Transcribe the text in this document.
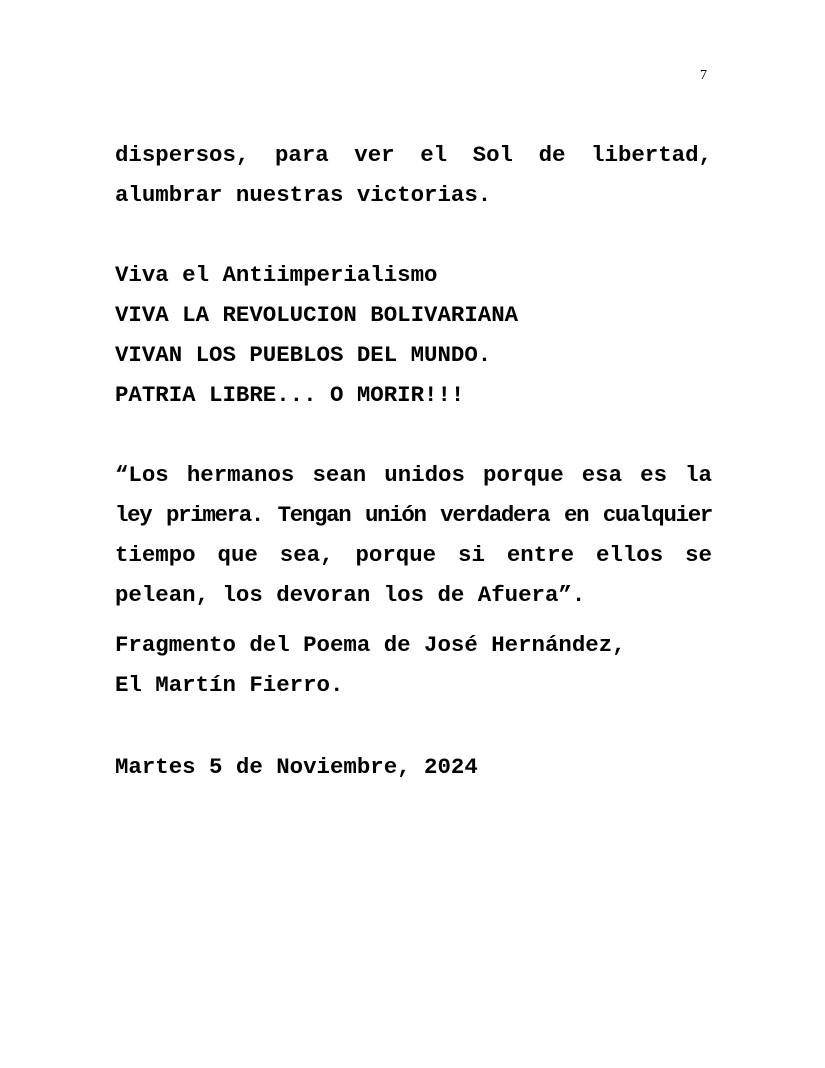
7
dispersos, para ver el Sol de libertad,
alumbrar nuestras victorias.
Viva el Antiimperialismo
VIVA LA REVOLUCION BOLIVARIANA
VIVAN LOS PUEBLOS DEL MUNDO.
PATRIA LIBRE... O MORIR!!!
“Los hermanos sean unidos porque esa es la
ley primera. Tengan unión verdadera en cualquier
tiempo que sea, porque si entre ellos se
pelean, los devoran los de Afuera”.
Fragmento del Poema de José Hernández,
El Martín Fierro.
Martes 5 de Noviembre, 2024
